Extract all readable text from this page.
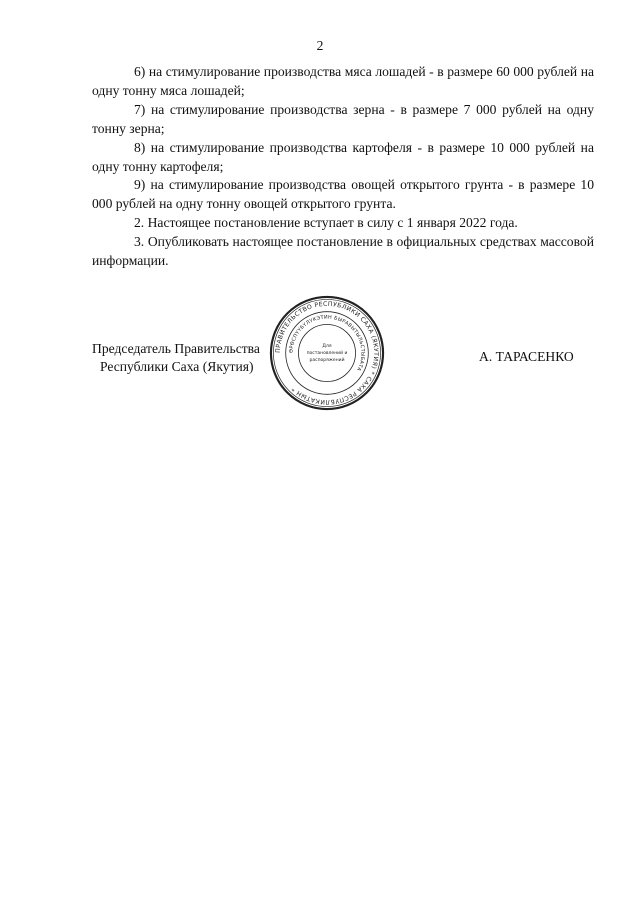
2

6) на стимулирование производства мяса лошадей - в размере 60 000 рублей на одну тонну мяса лошадей;

7) на стимулирование производства зерна - в размере 7 000 рублей на одну тонну зерна;

8) на стимулирование производства картофеля - в размере 10 000 рублей на одну тонну картофеля;

9) на стимулирование производства овощей открытого грунта - в размере 10 000 рублей на одну тонну овощей открытого грунта.

2. Настоящее постановление вступает в силу с 1 января 2022 года.

3. Опубликовать настоящее постановление в официальных средствах массовой информации.

Председатель Правительства
Республики Саха (Якутия)
А. ТАРАСЕНКО
ПРАВИТЕЛЬСТВО РЕСПУБЛИКИ САХА (ЯКУТИЯ) * САХА РЕСПУБЛИКАТЫН *
ӨРӨСПҮҮБҮЛҮКЭТИН БЫРАВЫТЫЛЬСТЫБАТА
Для
постановлений и
распоряжений
